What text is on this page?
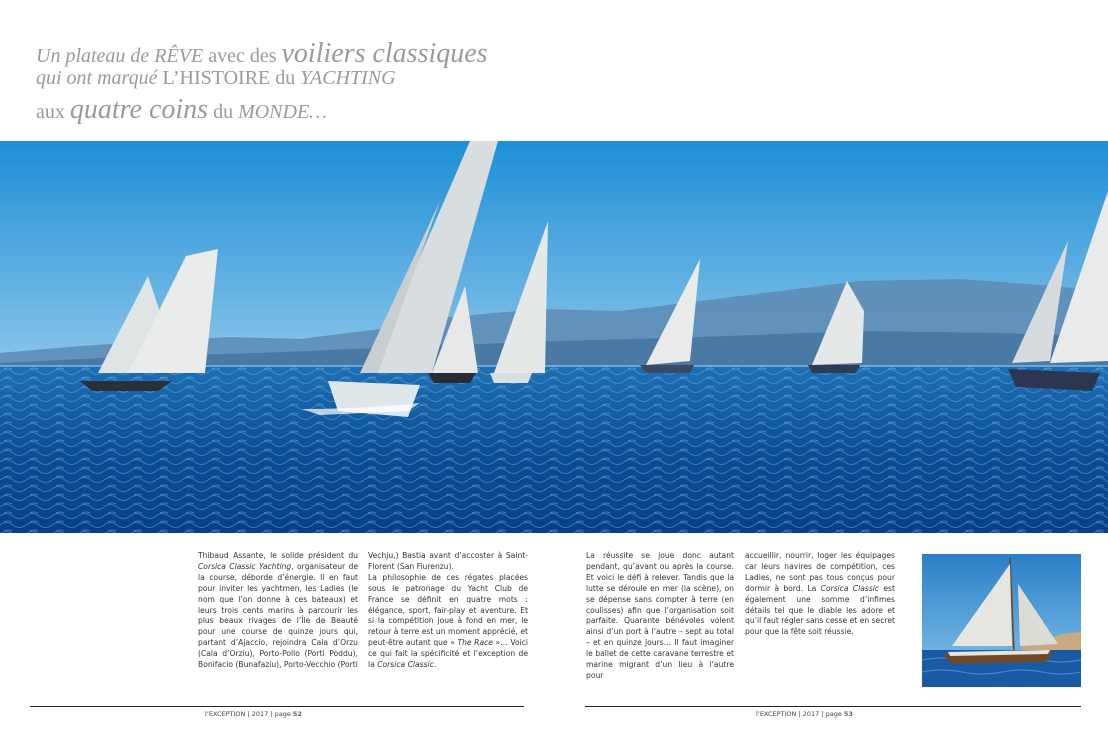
Un plateau de RÊVE avec des voiliers classiques
qui ont marqué L’HISTOIRE du YACHTING
aux quatre coins du MONDE…

Thibaud Assante, le solide président du Corsica Classic Yachting, organisateur de la course, déborde d’énergie. Il en faut pour inviter les yachtmen, les Ladies (le nom que l’on donne à ces bateaux) et leurs trois cents marins à parcourir les plus beaux rivages de l’Île de Beauté pour une course de quinze jours qui, partant d’Ajaccio, rejoindra Cala d’Orzu (Cala d’Orziu), Porto-Pollo (Porti Poddu), Bonifacio (Bunafaziu), Porto-Vecchio (Porti

Vechju,) Bastia avant d’accoster à Saint-Florent (San Fiurenzu).
La philosophie de ces régates placées sous le patronage du Yacht Club de France se définit en quatre mots : élégance, sport, fair-play et aventure. Et si la compétition joue à fond en mer, le retour à terre est un moment apprécié, et peut-être autant que « The Race »… Voici ce qui fait la spécificité et l’exception de la Corsica Classic.

La réussite se joue donc autant pendant, qu’avant ou après la course. Et voici le défi à relever. Tandis que la lutte se déroule en mer (la scène), on se dépense sans compter à terre (en coulisses) afin que l’organisation soit parfaite. Quarante bénévoles volent ainsi d’un port à l’autre – sept au total – et en quinze jours… Il faut imaginer le ballet de cette caravane terrestre et marine migrant d’un lieu à l’autre pour

accueillir, nourrir, loger les équipages car leurs navires de compétition, ces Ladies, ne sont pas tous conçus pour dormir à bord. La Corsica Classic est également une somme d’infimes détails tel que le diable les adore et qu’il faut régler sans cesse et en secret pour que la fête soit réussie.

l’EXCEPTION | 2017 | page 52	l’EXCEPTION | 2017 | page 53
